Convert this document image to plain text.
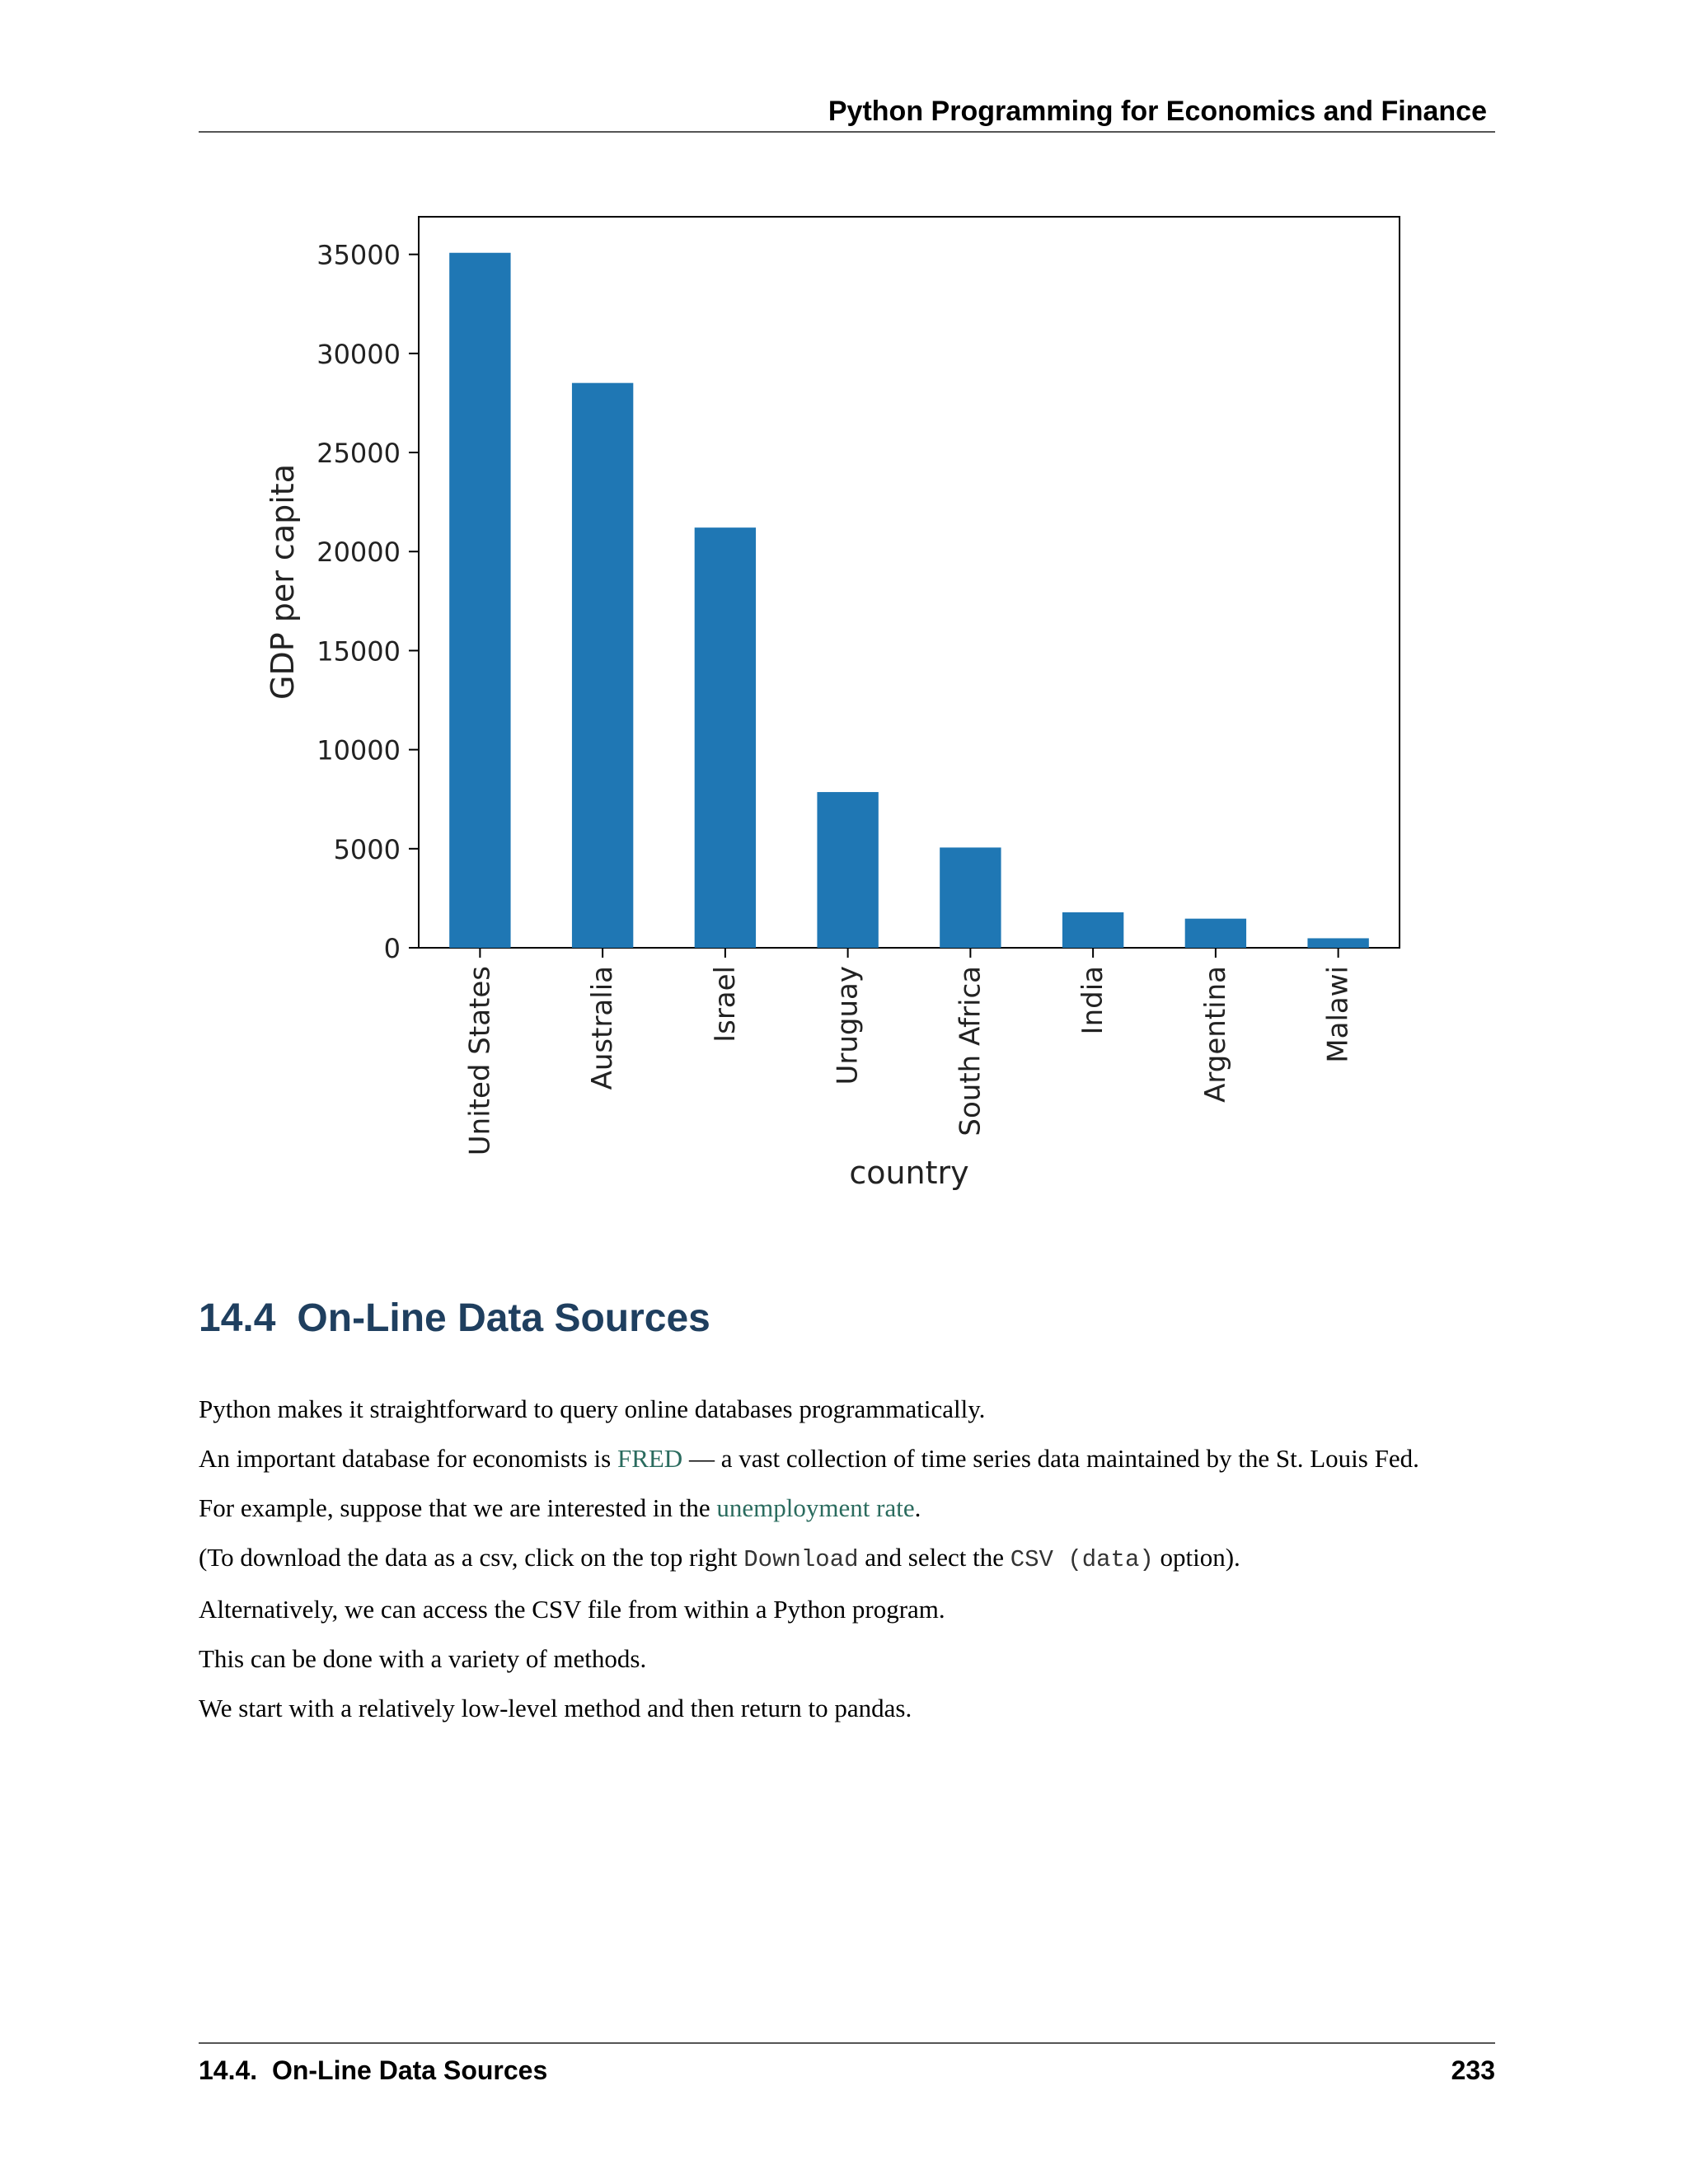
Python Programming for Economics and Finance
0
5000
10000
15000
20000
25000
30000
35000
United States	Australia	Israel	Uruguay	South Africa	India	Argentina	Malawi
GDP per capita
country
14.4 On-Line Data Sources

Python makes it straightforward to query online databases programmatically.

An important database for economists is FRED — a vast collection of time series data maintained by the St. Louis Fed.

For example, suppose that we are interested in the unemployment rate.

(To download the data as a csv, click on the top right Download and select the CSV (data) option).

Alternatively, we can access the CSV file from within a Python program.

This can be done with a variety of methods.

We start with a relatively low-level method and then return to pandas.

14.4.  On-Line Data Sources	233
